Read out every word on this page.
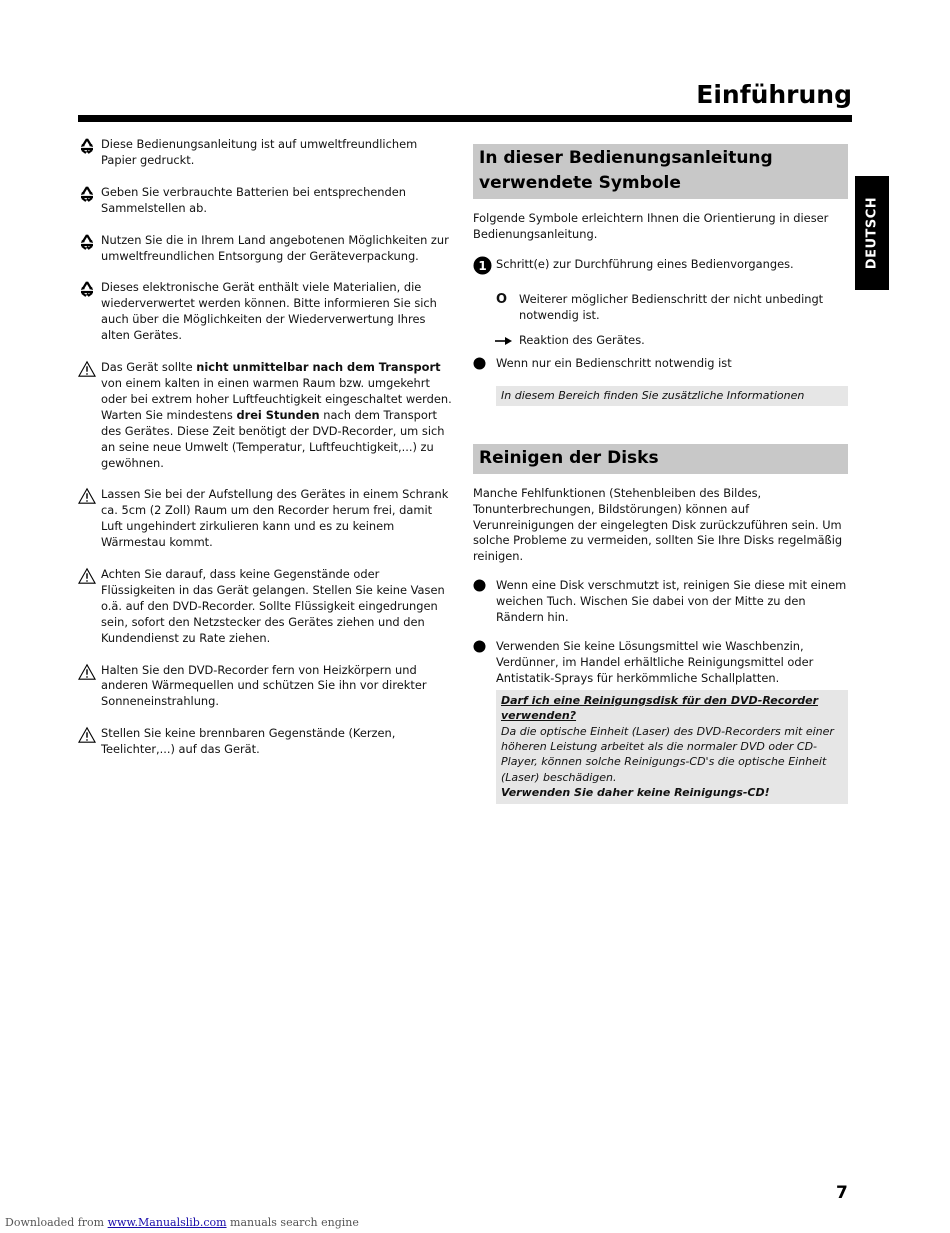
Einführung
DEUTSCH

Diese Bedienungsanleitung ist auf umweltfreundlichem Papier gedruckt.

Geben Sie verbrauchte Batterien bei entsprechenden Sammelstellen ab.

Nutzen Sie die in Ihrem Land angebotenen Möglichkeiten zur umweltfreundlichen Entsorgung der Geräteverpackung.

Dieses elektronische Gerät enthält viele Materialien, die wiederverwertet werden können. Bitte informieren Sie sich auch über die Möglichkeiten der Wiederverwertung Ihres alten Gerätes.

Das Gerät sollte nicht unmittelbar nach dem Transport von einem kalten in einen warmen Raum bzw. umgekehrt oder bei extrem hoher Luftfeuchtigkeit eingeschaltet werden.
Warten Sie mindestens drei Stunden nach dem Transport des Gerätes. Diese Zeit benötigt der DVD-Recorder, um sich an seine neue Umwelt (Temperatur, Luftfeuchtigkeit,...) zu gewöhnen.

Lassen Sie bei der Aufstellung des Gerätes in einem Schrank ca. 5cm (2 Zoll) Raum um den Recorder herum frei, damit Luft ungehindert zirkulieren kann und es zu keinem Wärmestau kommt.

Achten Sie darauf, dass keine Gegenstände oder Flüssigkeiten in das Gerät gelangen. Stellen Sie keine Vasen o.ä. auf den DVD-Recorder. Sollte Flüssigkeit eingedrungen sein, sofort den Netzstecker des Gerätes ziehen und den Kundendienst zu Rate ziehen.

Halten Sie den DVD-Recorder fern von Heizkörpern und anderen Wärmequellen und schützen Sie ihn vor direkter Sonneneinstrahlung.

Stellen Sie keine brennbaren Gegenstände (Kerzen, Teelichter,...) auf das Gerät.

In dieser Bedienungsanleitung verwendete Symbole

Folgende Symbole erleichtern Ihnen die Orientierung in dieser Bedienungsanleitung.

1 Schritt(e) zur Durchführung eines Bedienvorganges.
O Weiterer möglicher Bedienschritt der nicht unbedingt notwendig ist.
Reaktion des Gerätes.
Wenn nur ein Bedienschritt notwendig ist
In diesem Bereich finden Sie zusätzliche Informationen
Reinigen der Disks

Manche Fehlfunktionen (Stehenbleiben des Bildes, Tonunterbrechungen, Bildstörungen) können auf Verunreinigungen der eingelegten Disk zurückzuführen sein. Um solche Probleme zu vermeiden, sollten Sie Ihre Disks regelmäßig reinigen.

Wenn eine Disk verschmutzt ist, reinigen Sie diese mit einem weichen Tuch. Wischen Sie dabei von der Mitte zu den Rändern hin.
Verwenden Sie keine Lösungsmittel wie Waschbenzin, Verdünner, im Handel erhältliche Reinigungsmittel oder Antistatik-Sprays für herkömmliche Schallplatten.
Darf ich eine Reinigungsdisk für den DVD-Recorder verwenden?
Da die optische Einheit (Laser) des DVD-Recorders mit einer höheren Leistung arbeitet als die normaler DVD oder CD-Player, können solche Reinigungs-CD's die optische Einheit (Laser) beschädigen.
Verwenden Sie daher keine Reinigungs-CD!
7
Downloaded from www.Manualslib.com manuals search engine
